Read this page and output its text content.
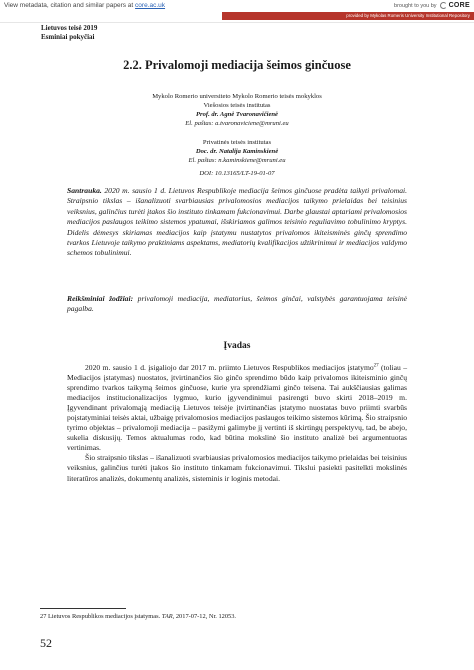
View metadata, citation and similar papers at core.ac.uk	brought to you by CORE
provided by Mykolas Romeris University Institutional Repository
Lietuvos teisė 2019
Esminiai pokyčiai
2.2. Privalomoji mediacija šeimos ginčuose
Mykolo Romerio universiteto Mykolo Romerio teisės mokyklos
Viešosios teisės institutas
Prof. dr. Agnė Tvaronavičienė
El. paštas: a.tvaronaviciene@mruni.eu
Privatinės teisės institutas
Doc. dr. Natalija Kaminskienė
El. paštas: n.kaminskiene@mruni.eu
DOI: 10.13165/LT-19-01-07
Santrauka. 2020 m. sausio 1 d. Lietuvos Respublikoje mediacija šeimos ginčuose pradėta taikyti privalomai. Straipsnio tikslas – išanalizuoti svarbiausias privalomosios mediacijos taikymo prielaidas bei teisinius veiksnius, galinčius turėti įtakos šio instituto tinkamam fukcionavimui. Darbe glaustai aptariami privalomosios mediacijos paslaugos teikimo sistemos ypatumai, išskiriamos galimos teisinio reguliavimo tobulinimo kryptys. Didelis dėmesys skiriamas mediacijos kaip įstatymu nustatytos privalomos ikiteisminės ginčų sprendimo tvarkos Lietuvoje taikymo praktiniams aspektams, mediatorių kvalifikacijos užtikrinimui ir mediacijos valdymo schemos tobulinimui.
Reikšminiai žodžiai: privalomoji mediacija, mediatorius, šeimos ginčai, valstybės garantuojama teisinė pagalba.
Įvadas

2020 m. sausio 1 d. įsigaliojo dar 2017 m. priimto Lietuvos Respublikos mediacijos įstatymo$^{27}$ (toliau – Mediacijos įstatymas) nuostatos, įtvirtinančios šio ginčo sprendimo būdo kaip privalomos ikiteisminio ginčų sprendimo tvarkos taikymą šeimos ginčuose, kurie yra sprendžiami ginčo teisena. Tai aukščiausias galimas mediacijos institucionalizacijos lygmuo, kurio įgyvendinimui pasirengti buvo skirti 2018–2019 m. Įgyvendinant privalomąją mediaciją Lietuvos teisėje įtvirtinančias įstatymo nuostatas buvo priimti svarbūs poįstatyminiai teisės aktai, užbaigę privalomosios mediacijos paslaugos teikimo sistemos kūrimą. Šio straipsnio tyrimo objektas – privalomoji mediacija – pasižymi galimybe jį vertinti iš skirtingų perspektyvų, tad, be abejo, sukelia diskusijų. Temos aktualumas rodo, kad būtina mokslinė šio instituto analizė bei argumentuotas vertinimas.

Šio straipsnio tikslas – išanalizuoti svarbiausias privalomosios mediacijos taikymo prielaidas bei teisinius veiksnius, galinčius turėti įtakos šio instituto tinkamam fukcionavimui. Tikslui pasiekti pasitelkti mokslinės literatūros analizės, dokumentų analizės, sisteminis ir loginis metodai.

27 Lietuvos Respublikos mediacijos įstatymas. TAR, 2017-07-12, Nr. 12053.
52
